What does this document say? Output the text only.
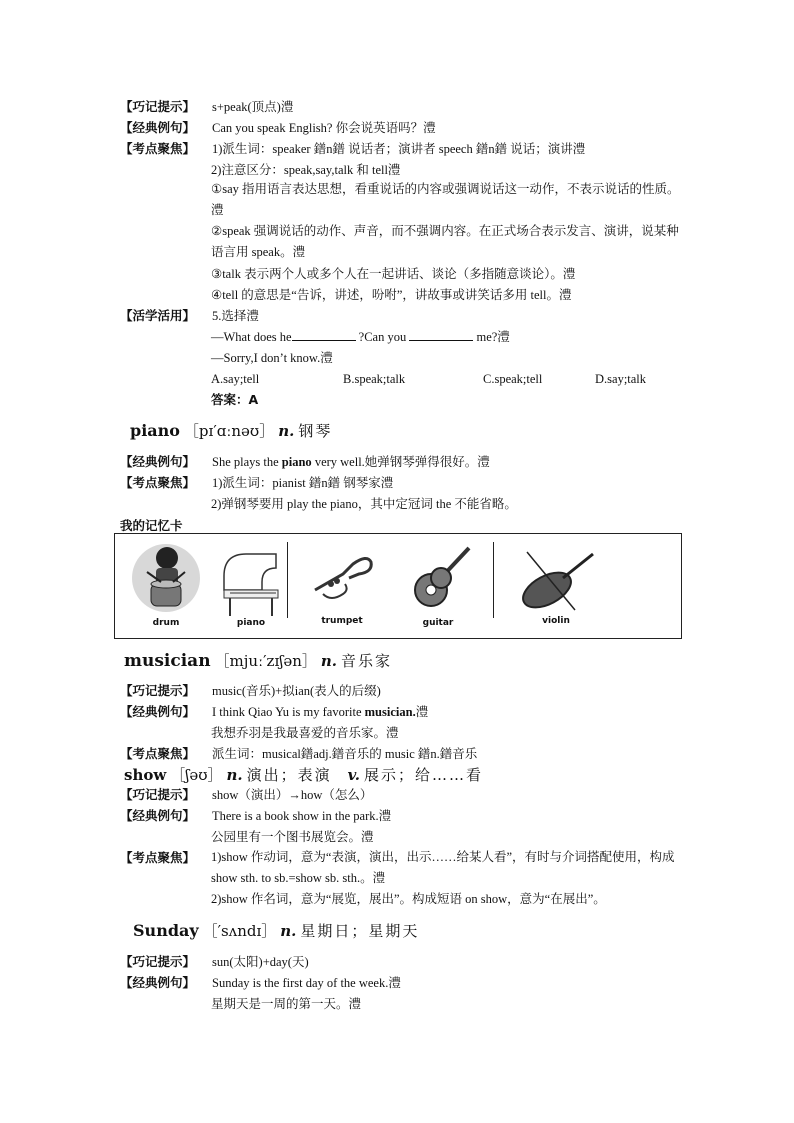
【巧记提示】 s+peak(顶点)澧
【经典例句】 Can you speak English? 你会说英语吗？澧
【考点聚焦】 1)派生词：speaker 鐠n鐠 说话者；演讲者 speech 鐠n鐠 说话；演讲澧
2)注意区分：speak,say,talk 和 tell澧
①say 指用语言表达思想，看重说话的内容或强调说话这一动作，不表示说话的性质。澧
②speak 强调说话的动作、声音，而不强调内容。在正式场合表示发言、演讲，说某种语言用 speak。澧
③talk 表示两个人或多个人在一起讲话、谈论（多指随意谈论）。澧
④tell 的意思是“告诉，讲述，吩咐”，讲故事或讲笑话多用 tell。澧
【活学活用】 5.选择澧
—What does he	?Can you	me?澧
—Sorry,I don’t know.澧
A.say;tell	B.speak;talk	C.speak;tell	D.say;talk
答案：A
piano ［pɪ′ɑːnəʊ］ n. 钢琴
【经典例句】 She plays the piano very well.她弹钢琴弹得很好。澧
【考点聚焦】 1)派生词：pianist 鐠n鐠 钢琴家澧
2)弹钢琴要用 play the piano，其中定冠词 the 不能省略。
我的记忆卡
drum	piano	trumpet	guitar	violin
musician ［mjuː′zɪʃən］ n. 音乐家
【巧记提示】 music(音乐)+拟ian(表人的后缀)
【经典例句】 I think Qiao Yu is my favorite musician.澧
我想乔羽是我最喜爱的音乐家。澧
【考点聚焦】 派生词：musical鐠adj.鐠音乐的 music 鐠n.鐠音乐
show ［ʃəʊ］ n. 演出；表演 v. 展示；给……看
【巧记提示】 show（演出）→how（怎么）
【经典例句】 There is a book show in the park.澧
公园里有一个图书展览会。澧
【考点聚焦】	1)show 作动词，意为“表演，演出，出示……给某人看”，有时与介词搭配使用，构成 show sth. to sb.=show sb. sth.。澧
2)show 作名词，意为“展览，展出”。构成短语 on show，意为“在展出”。
Sunday ［′sʌndɪ］ n. 星期日；星期天
【巧记提示】 sun(太阳)+day(天)
【经典例句】 Sunday is the first day of the week.澧
星期天是一周的第一天。澧
